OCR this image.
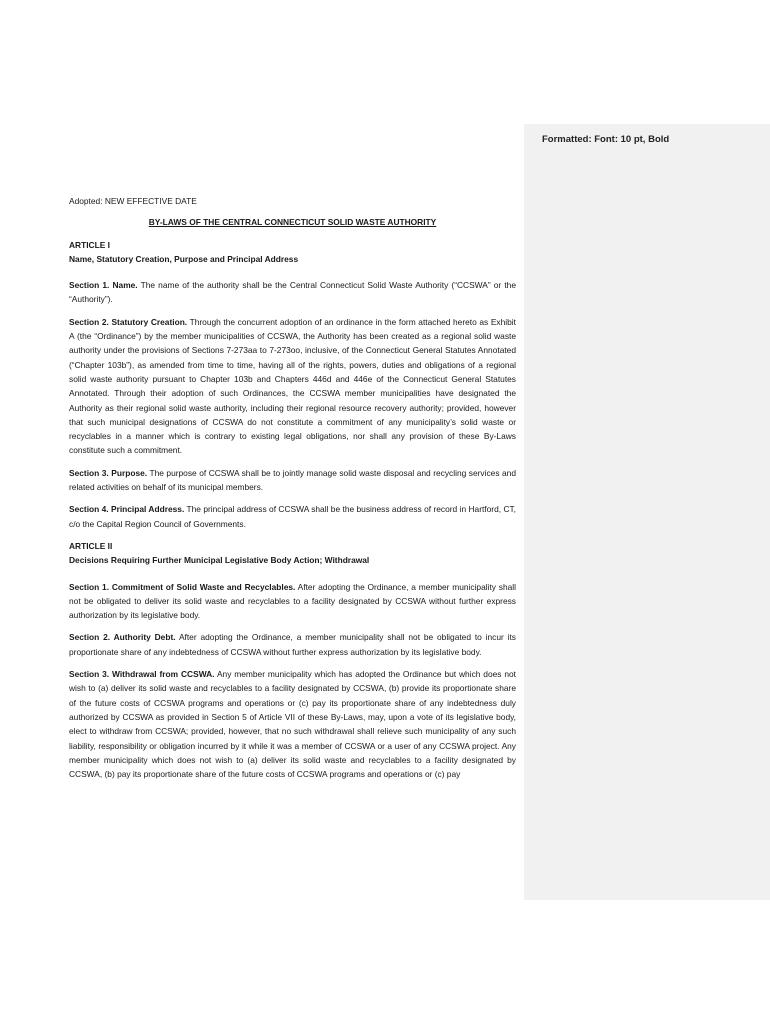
Formatted: Font: 10 pt, Bold

Adopted: NEW EFFECTIVE DATE

BY-LAWS OF THE CENTRAL CONNECTICUT SOLID WASTE AUTHORITY

ARTICLE I

Name, Statutory Creation, Purpose and Principal Address

Section 1. Name. The name of the authority shall be the Central Connecticut Solid Waste Authority (“CCSWA” or the “Authority”).

Section 2. Statutory Creation. Through the concurrent adoption of an ordinance in the form attached hereto as Exhibit A (the “Ordinance”) by the member municipalities of CCSWA, the Authority has been created as a regional solid waste authority under the provisions of Sections 7-273aa to 7-273oo, inclusive, of the Connecticut General Statutes Annotated (“Chapter 103b”), as amended from time to time, having all of the rights, powers, duties and obligations of a regional solid waste authority pursuant to Chapter 103b and Chapters 446d and 446e of the Connecticut General Statutes Annotated. Through their adoption of such Ordinances, the CCSWA member municipalities have designated the Authority as their regional solid waste authority, including their regional resource recovery authority; provided, however that such municipal designations of CCSWA do not constitute a commitment of any municipality’s solid waste or recyclables in a manner which is contrary to existing legal obligations, nor shall any provision of these By-Laws constitute such a commitment.

Section 3. Purpose. The purpose of CCSWA shall be to jointly manage solid waste disposal and recycling services and related activities on behalf of its municipal members.

Section 4. Principal Address. The principal address of CCSWA shall be the business address of record in Hartford, CT, c/o the Capital Region Council of Governments.

ARTICLE II

Decisions Requiring Further Municipal Legislative Body Action; Withdrawal

Section 1. Commitment of Solid Waste and Recyclables. After adopting the Ordinance, a member municipality shall not be obligated to deliver its solid waste and recyclables to a facility designated by CCSWA without further express authorization by its legislative body.

Section 2. Authority Debt. After adopting the Ordinance, a member municipality shall not be obligated to incur its proportionate share of any indebtedness of CCSWA without further express authorization by its legislative body.

Section 3. Withdrawal from CCSWA. Any member municipality which has adopted the Ordinance but which does not wish to (a) deliver its solid waste and recyclables to a facility designated by CCSWA, (b) provide its proportionate share of the future costs of CCSWA programs and operations or (c) pay its proportionate share of any indebtedness duly authorized by CCSWA as provided in Section 5 of Article VII of these By-Laws, may, upon a vote of its legislative body, elect to withdraw from CCSWA; provided, however, that no such withdrawal shall relieve such municipality of any such liability, responsibility or obligation incurred by it while it was a member of CCSWA or a user of any CCSWA project. Any member municipality which does not wish to (a) deliver its solid waste and recyclables to a facility designated by CCSWA, (b) pay its proportionate share of the future costs of CCSWA programs and operations or (c) pay
